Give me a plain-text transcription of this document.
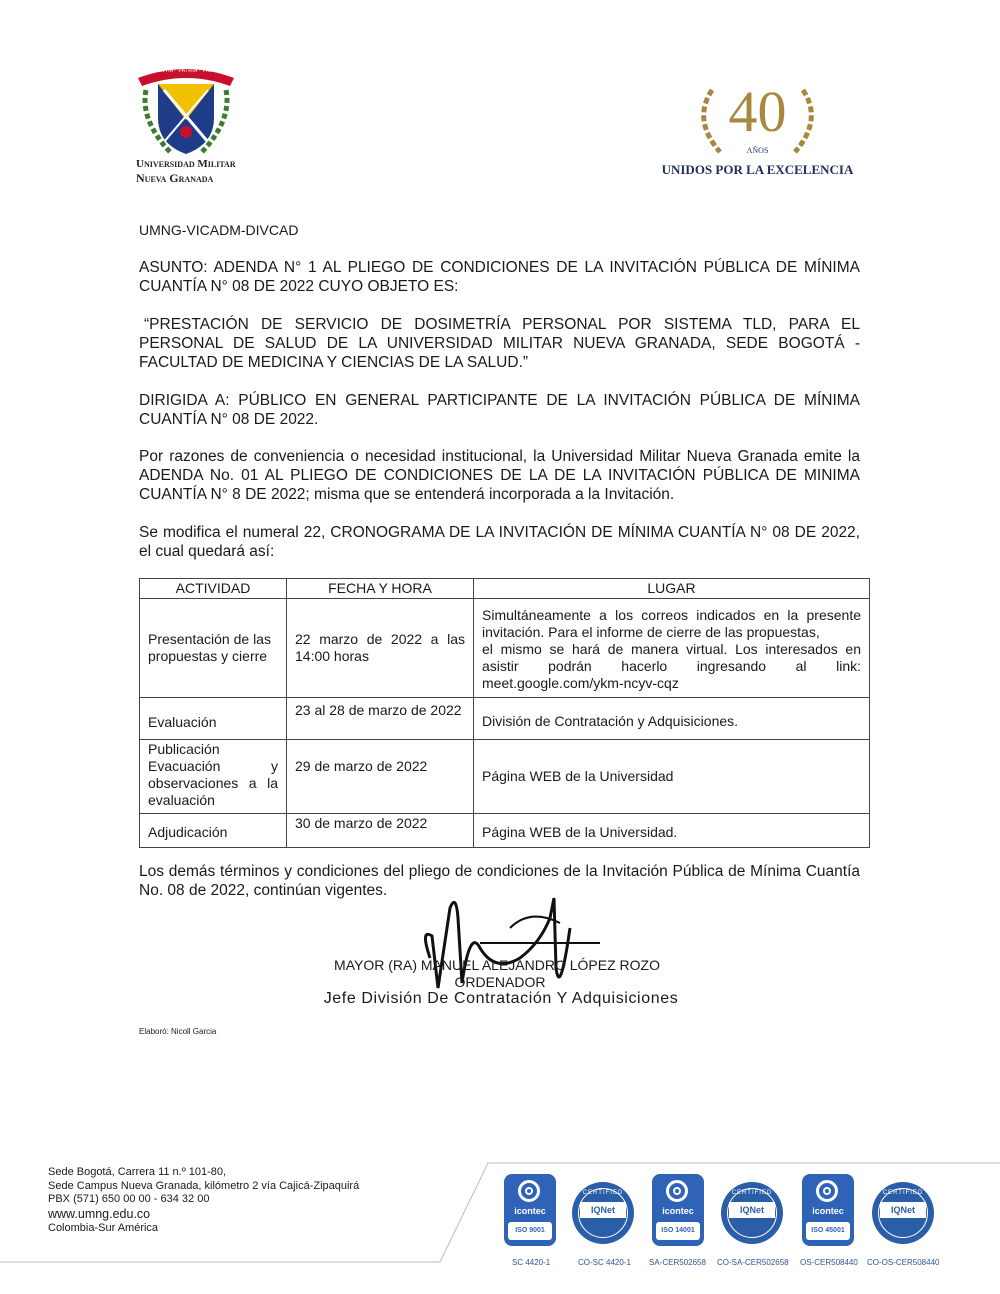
SCIENTIA · PATRIA · FAMILIA
Universidad Militar
Nueva Granada
40
AÑOS
UNIDOS POR LA EXCELENCIA
UMNG-VICADM-DIVCAD
ASUNTO: ADENDA N° 1 AL PLIEGO DE CONDICIONES DE LA INVITACIÓN PÚBLICA DE MÍNIMA CUANTÍA N° 08 DE 2022 CUYO OBJETO ES:
“PRESTACIÓN DE SERVICIO DE DOSIMETRÍA PERSONAL POR SISTEMA TLD, PARA EL PERSONAL DE SALUD DE LA UNIVERSIDAD MILITAR NUEVA GRANADA, SEDE BOGOTÁ - FACULTAD DE MEDICINA Y CIENCIAS DE LA SALUD.”
DIRIGIDA A: PÚBLICO EN GENERAL PARTICIPANTE DE LA INVITACIÓN PÚBLICA DE MÍNIMA CUANTÍA N° 08 DE 2022.
Por razones de conveniencia o necesidad institucional, la Universidad Militar Nueva Granada emite la ADENDA No. 01 AL PLIEGO DE CONDICIONES DE LA DE LA INVITACIÓN PÚBLICA DE MINIMA CUANTÍA N° 8 DE 2022; misma que se entenderá incorporada a la Invitación.
Se modifica el numeral 22, CRONOGRAMA DE LA INVITACIÓN DE MÍNIMA CUANTÍA N° 08 DE 2022, el cual quedará así:
ACTIVIDAD	FECHA Y HORA	LUGAR
Presentación de las propuestas y cierre	22 marzo de 2022 a las 14:00 horas	Simultáneamente a los correos indicados en la presente invitación. Para el informe de cierre de las propuestas,
el mismo se hará de manera virtual. Los interesados en asistir podrán hacerlo ingresando al link:
meet.google.com/ykm-ncyv-cqz

Evaluación	23 al 28 de marzo de 2022	División de Contratación y Adquisiciones.
Publicación Evacuación y observaciones a la evaluación	29 de marzo de 2022	Página WEB de la Universidad
Adjudicación	30 de marzo de 2022	Página WEB de la Universidad.
Los demás términos y condiciones del pliego de condiciones de la Invitación Pública de Mínima Cuantía No. 08 de 2022, continúan vigentes.
MAYOR (RA) MANUEL ALEJANDRO LÓPEZ ROZO
ORDENADOR
Jefe División De Contratación Y Adquisiciones
Elaboró: Nicoll Garcia
Sede Bogotá, Carrera 11 n.º 101-80,
Sede Campus Nueva Granada, kilómetro 2 vía Cajicá-Zipaquirá
PBX (571) 650 00 00 - 634 32 00
www.umng.edu.co
Colombia-Sur América
icontec
ISO 9001
CERTIFIED
IQNet	icontec
ISO 14001
CERTIFIED
IQNet	icontec
ISO 45001
CERTIFIED
IQNet
SC 4420-1	CO-SC 4420-1 SA-CER502658 CO-SA-CER502658 OS-CER508440 CO-OS-CER508440
